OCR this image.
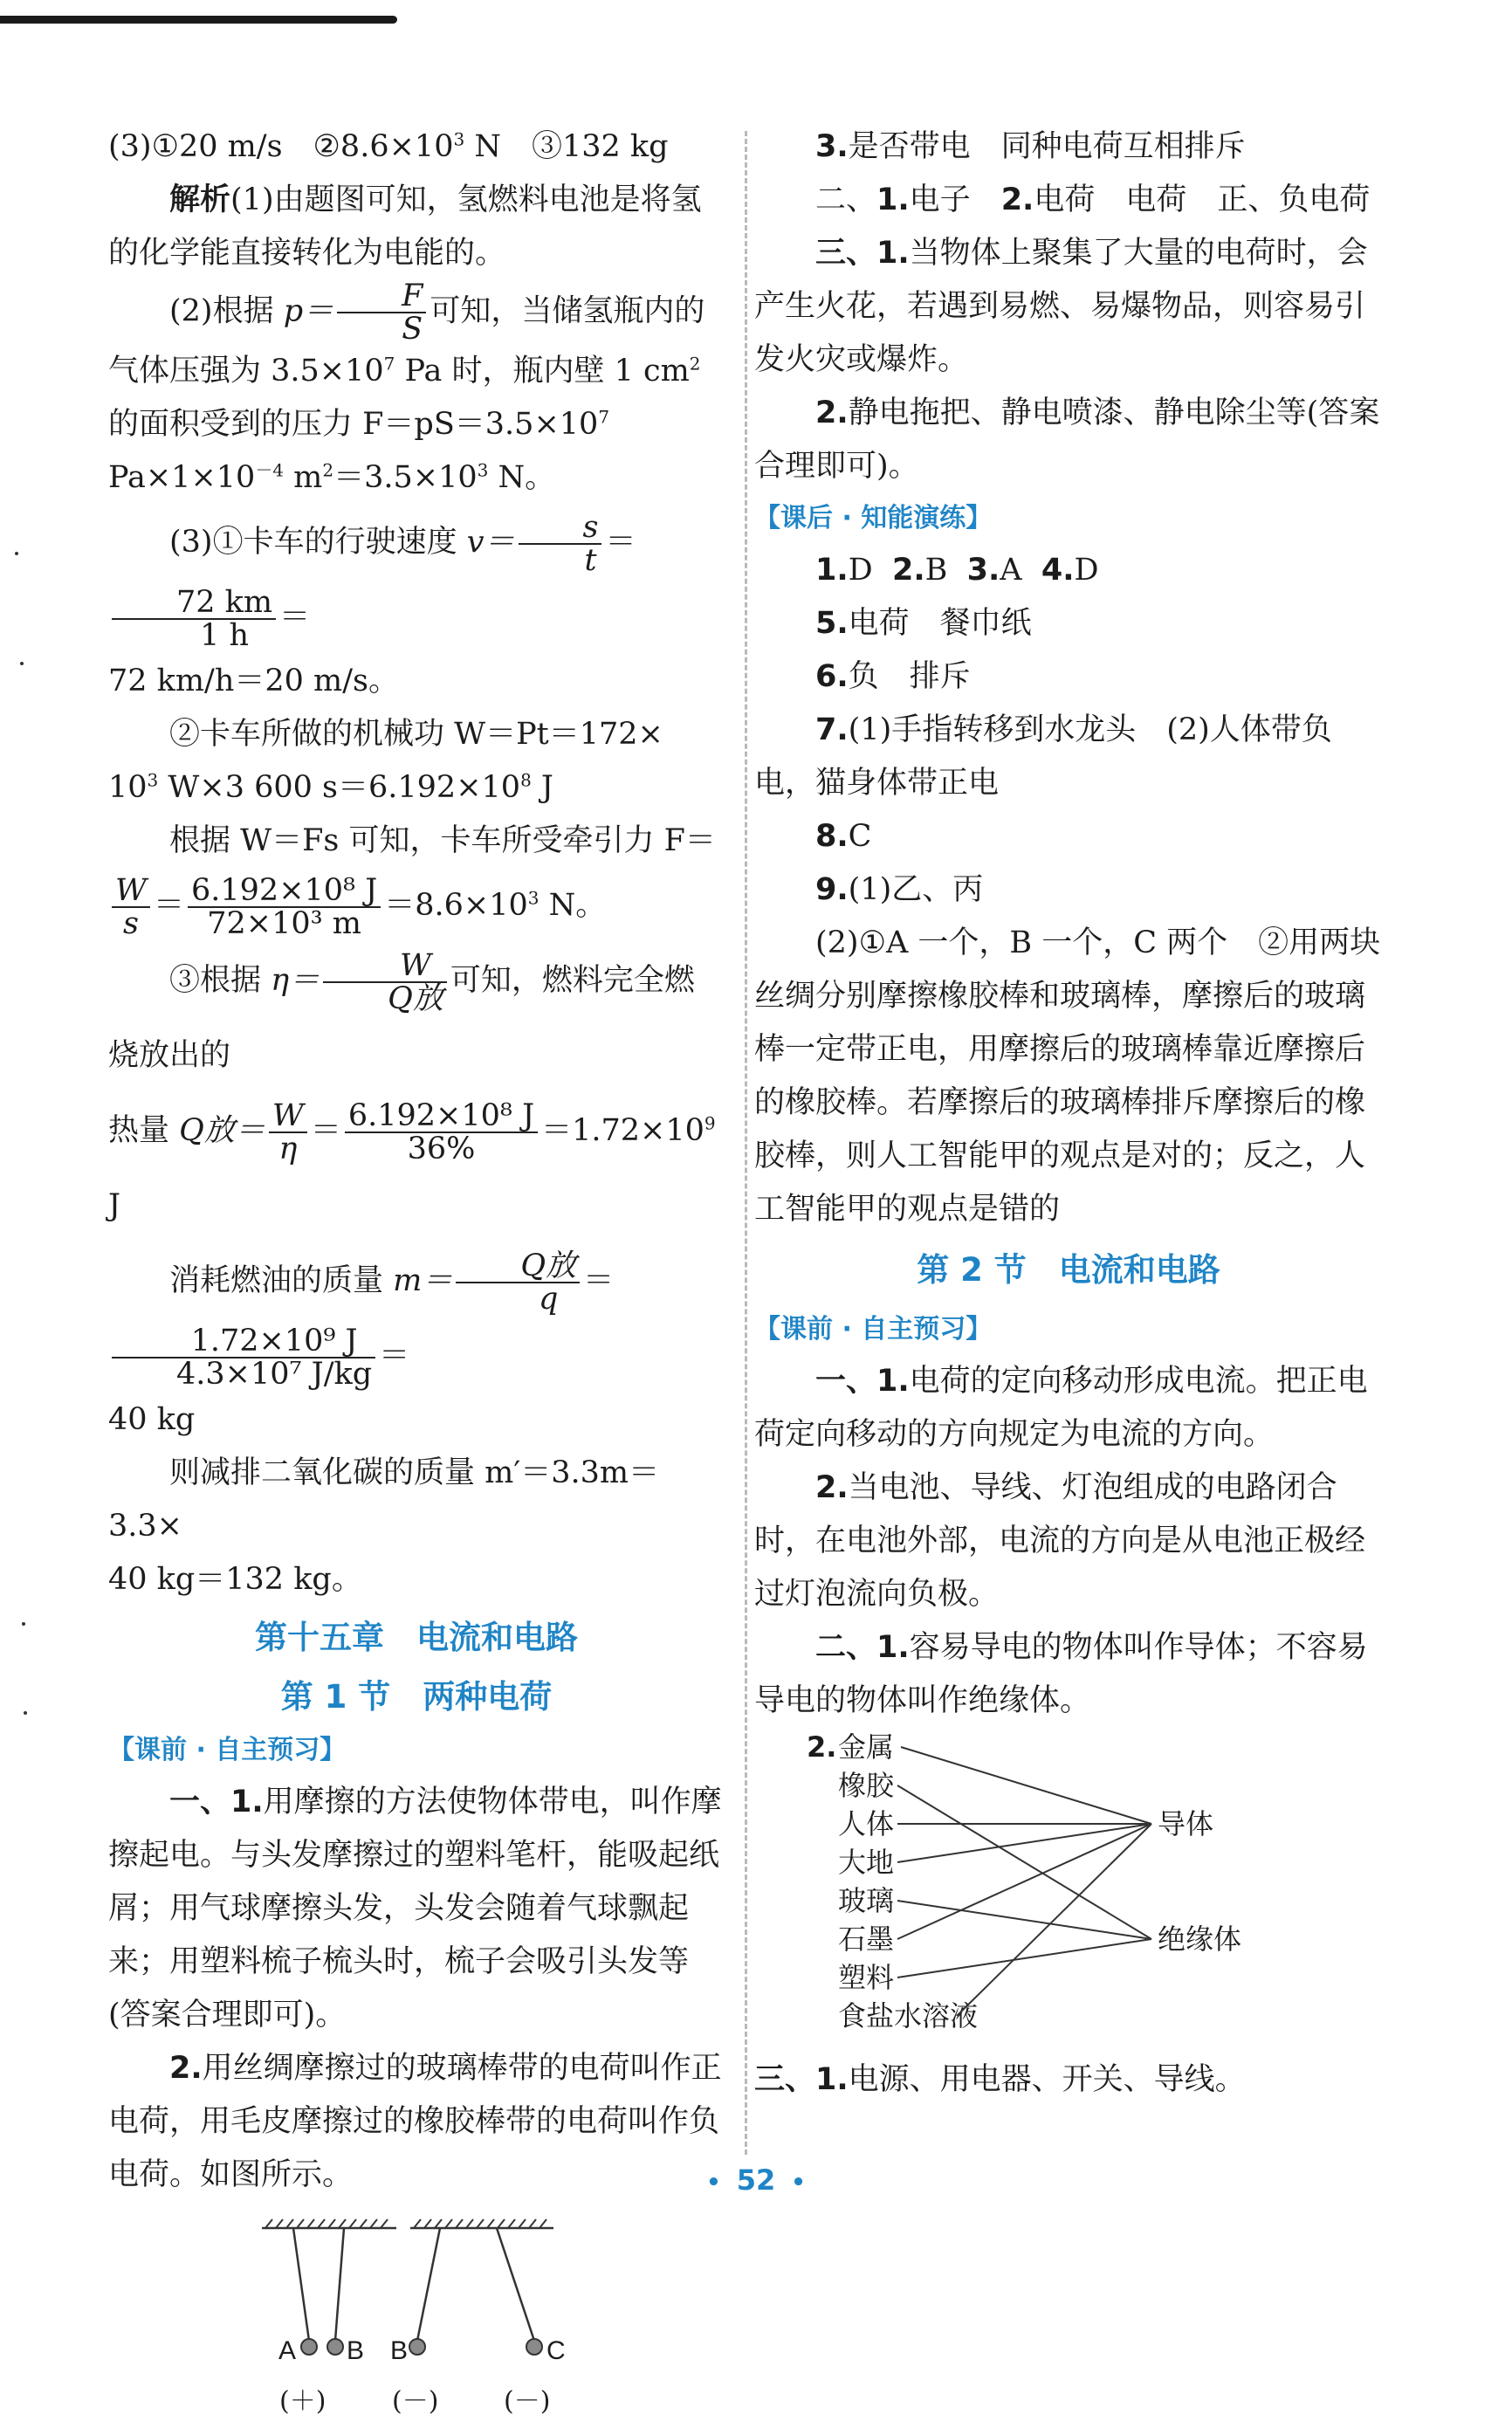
(3)①20 m/s　$②8.6\times 10^3$ N　③132 kg

解析(1)由题图可知，氢燃料电池是将氢的化学能直接转化为电能的。

(2)根据 $p= \frac{F}{S}$ 可知，当储氢瓶内的气体压强为 $3.5\times 10^7$ Pa 时，瓶内壁 1 $cm^2$ 的面积受到的压力 $F=pS=3.5\times 10^7$ $Pa\times 1\times 10^{-4}$ $m^2=3.5\times 10^3$ N。

(3)①卡车的行驶速度 $v= \frac{s}{t}$ ＝
$\frac{72 km}{1 h}$ ＝

72 km/h＝20 m/s。

②卡车所做的机械功 W＝Pt＝172×

$10^3$ W×3 600 $s=6.192\times 10^8$ J

根据 W＝Fs 可知，卡车所受牵引力 F＝

$\frac{W}{s} = \frac{\text{6.192×10⁸ J}}{\text{72×10³ m}} =8.6\times 10^3$ N。

③根据 $\eta= \frac{W}{\text{Q放}}$ 可知，燃料完全燃烧放出的

热量 Q放＝ $\frac{W}{\eta} = \frac{\text{6.192×10⁸ J}}{36\%} =1.72\times 10^9$ J

消耗燃油的质量 $m= \frac{\text{Q放}}{q}$ ＝
$\frac{\text{1.72×10⁹ J}}{\text{4.3×10⁷ J/kg}}$ ＝

40 kg

则减排二氧化碳的质量 m′＝3.3m＝3.3×

40 kg＝132 kg。

第十五章　电流和电路
第 1 节　两种电荷
【课前 · 自主预习】

一、1.用摩擦的方法使物体带电，叫作摩擦起电。与头发摩擦过的塑料笔杆，能吸起纸屑；用气球摩擦头发，头发会随着气球飘起来；用塑料梳子梳头时，梳子会吸引头发等(答案合理即可)。

2.用丝绸摩擦过的玻璃棒带的电荷叫作正电荷，用毛皮摩擦过的橡胶棒带的电荷叫作负电荷。如图所示。

A B B	C
(＋)	(－) (－)

3.是否带电　同种电荷互相排斥

二、1.电子　2.电荷　电荷　正、负电荷

三、1.当物体上聚集了大量的电荷时，会产生火花，若遇到易燃、易爆物品，则容易引发火灾或爆炸。

2.静电拖把、静电喷漆、静电除尘等(答案合理即可)。

【课后 · 知能演练】

1.D 2.B 3.A 4.D

5.电荷　餐巾纸

6.负　排斥

7.(1)手指转移到水龙头　(2)人体带负电，猫身体带正电

8.C

9.(1)乙、丙

(2)①A 一个，B 一个，C 两个　②用两块丝绸分别摩擦橡胶棒和玻璃棒，摩擦后的玻璃棒一定带正电，用摩擦后的玻璃棒靠近摩擦后的橡胶棒。若摩擦后的玻璃棒排斥摩擦后的橡胶棒，则人工智能甲的观点是对的；反之，人工智能甲的观点是错的

第 2 节　电流和电路
【课前 · 自主预习】

一、1.电荷的定向移动形成电流。把正电荷定向移动的方向规定为电流的方向。

2.当电池、导线、灯泡组成的电路闭合时，在电池外部，电流的方向是从电池正极经过灯泡流向负极。

二、1.容易导电的物体叫作导体；不容易导电的物体叫作绝缘体。

2. 金属
橡胶
人体
大地
玻璃
石墨
塑料
食盐水溶液
导体
绝缘体

三、1.电源、用电器、开关、导线。

• 52 •
